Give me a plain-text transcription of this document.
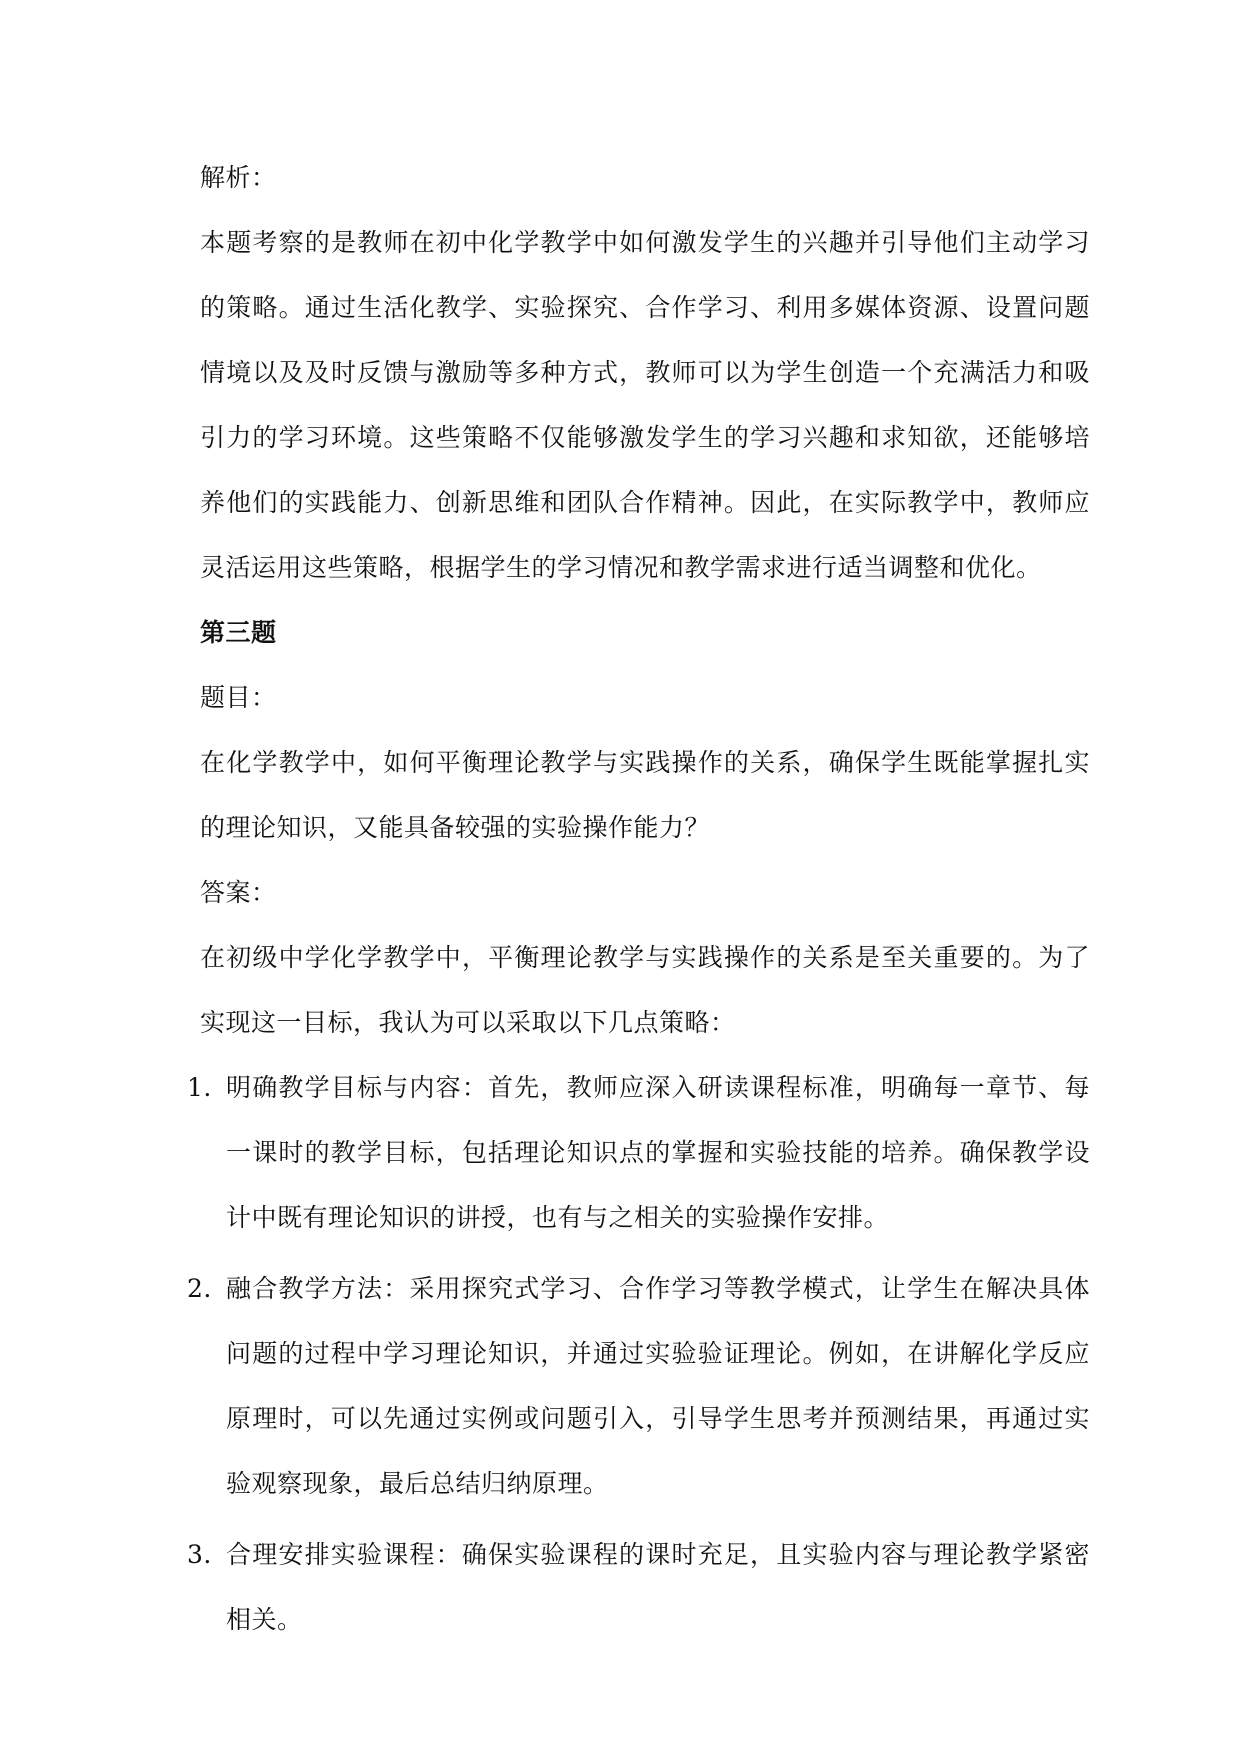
解析：

本题考察的是教师在初中化学教学中如何激发学生的兴趣并引导他们主动学习的策略。通过生活化教学、实验探究、合作学习、利用多媒体资源、设置问题情境以及及时反馈与激励等多种方式，教师可以为学生创造一个充满活力和吸引力的学习环境。这些策略不仅能够激发学生的学习兴趣和求知欲，还能够培养他们的实践能力、创新思维和团队合作精神。因此，在实际教学中，教师应灵活运用这些策略，根据学生的学习情况和教学需求进行适当调整和优化。

第三题

题目：

在化学教学中，如何平衡理论教学与实践操作的关系，确保学生既能掌握扎实的理论知识，又能具备较强的实验操作能力？

答案：

在初级中学化学教学中，平衡理论教学与实践操作的关系是至关重要的。为了实现这一目标，我认为可以采取以下几点策略：

1. 明确教学目标与内容：首先，教师应深入研读课程标准，明确每一章节、每一课时的教学目标，包括理论知识点的掌握和实验技能的培养。确保教学设计中既有理论知识的讲授，也有与之相关的实验操作安排。
2. 融合教学方法：采用探究式学习、合作学习等教学模式，让学生在解决具体问题的过程中学习理论知识，并通过实验验证理论。例如，在讲解化学反应原理时，可以先通过实例或问题引入，引导学生思考并预测结果，再通过实验观察现象，最后总结归纳原理。
3. 合理安排实验课程：确保实验课程的课时充足，且实验内容与理论教学紧密相关。
